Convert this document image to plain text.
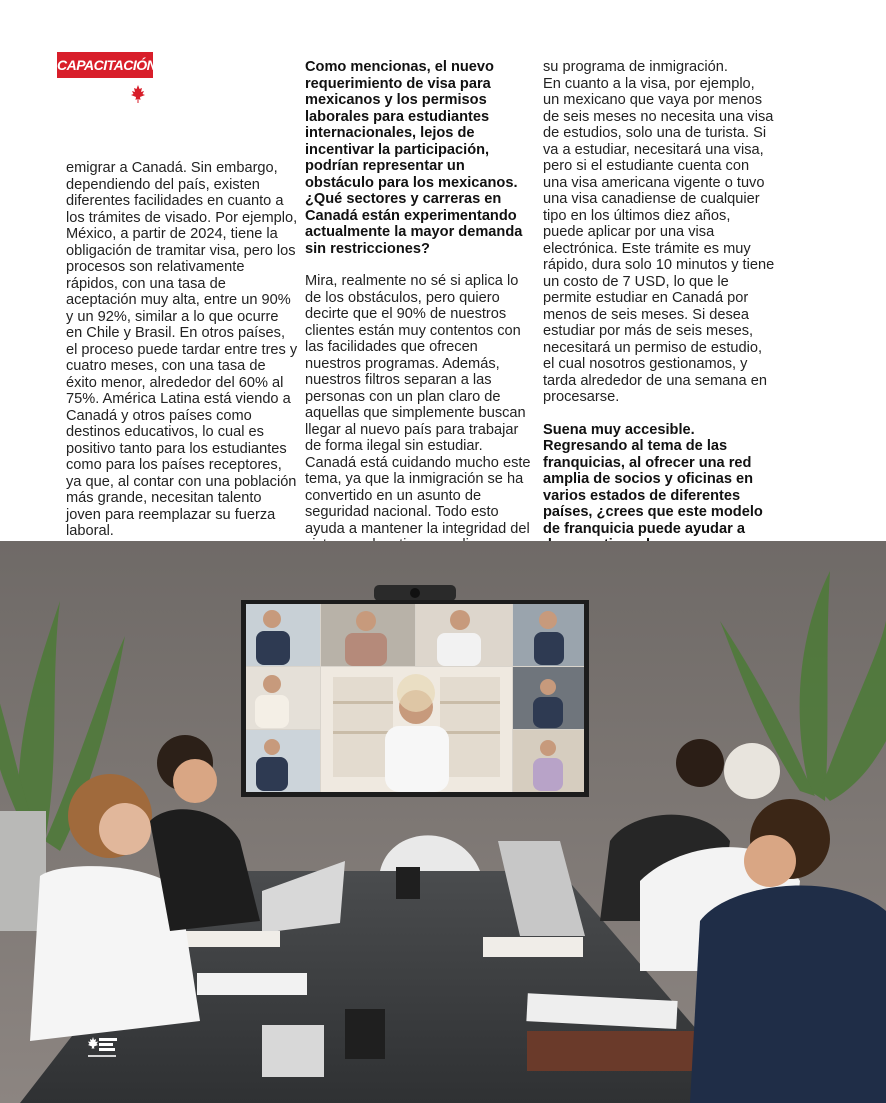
CAPACITACIÓN

emigrar a Canadá. Sin embargo, dependiendo del país, existen diferentes facilidades en cuanto a los trámites de visado. Por ejemplo, México, a partir de 2024, tiene la obligación de tramitar visa, pero los procesos son relativamente rápidos, con una tasa de aceptación muy alta, entre un 90% y un 92%, similar a lo que ocurre en Chile y Brasil. En otros países, el proceso puede tardar entre tres y cuatro meses, con una tasa de éxito menor, alrededor del 60% al 75%. América Latina está viendo a Canadá y otros países como destinos educativos, lo cual es positivo tanto para los estudiantes como para los países receptores, ya que, al contar con una población más grande, necesitan talento joven para reemplazar su fuerza laboral.

Como mencionas, el nuevo requerimiento de visa para mexicanos y los permisos laborales para estudiantes internacionales, lejos de incentivar la participación, podrían representar un obstáculo para los mexicanos. ¿Qué sectores y carreras en Canadá están experimentando actualmente la mayor demanda sin restricciones?

Mira, realmente no sé si aplica lo de los obstáculos, pero quiero decirte que el 90% de nuestros clientes están muy contentos con las facilidades que ofrecen nuestros programas. Además, nuestros filtros separan a las personas con un plan claro de aquellas que simplemente buscan llegar al nuevo país para trabajar de forma ilegal sin estudiar. Canadá está cuidando mucho este tema, ya que la inmigración se ha convertido en un asunto de seguridad nacional. Todo esto ayuda a mantener la integridad del

su programa de inmigración.
En cuanto a la visa, por ejemplo, un mexicano que vaya por menos de seis meses no necesita una visa de estudios, solo una de turista. Si va a estudiar, necesitará una visa, pero si el estudiante cuenta con una visa americana vigente o tuvo una visa canadiense de cualquier tipo en los últimos diez años, puede aplicar por una visa electrónica. Este trámite es muy rápido, dura solo 10 minutos y tiene un costo de 7 USD, lo que le permite estudiar en Canadá por menos de seis meses. Si desea estudiar por más de seis meses, necesitará un permiso de estudio, el cual nosotros gestionamos, y tarda alrededor de una semana en procesarse.

Suena muy accesible. Regresando al tema de las franquicias, al ofrecer una red amplia de socios y oficinas en varios estados de diferentes países, ¿crees que este modelo de franquicia puede ayudar a
